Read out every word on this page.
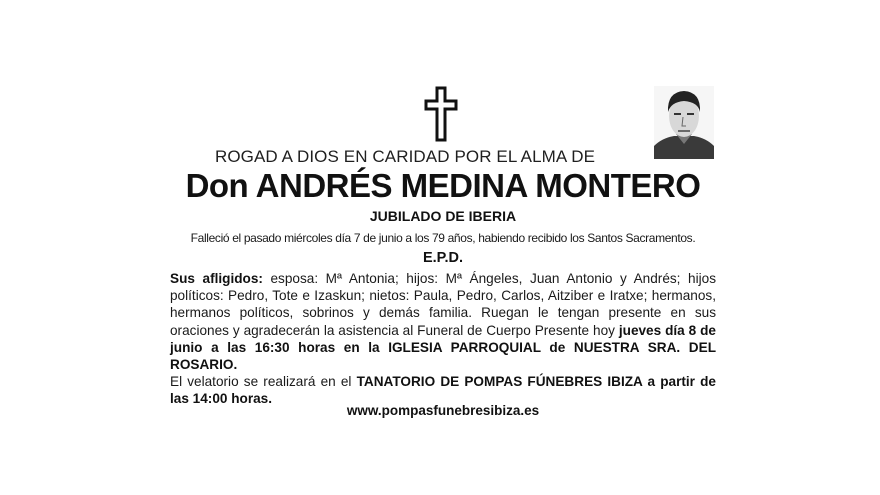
ROGAD A DIOS EN CARIDAD POR EL ALMA DE
Don ANDRÉS MEDINA MONTERO
JUBILADO DE IBERIA
Falleció el pasado miércoles día 7 de junio a los 79 años, habiendo recibido los Santos Sacramentos.
E.P.D.
Sus afligidos: esposa: Mª Antonia; hijos: Mª Ángeles, Juan Antonio y Andrés; hijos políticos: Pedro, Tote e Izaskun; nietos: Paula, Pedro, Carlos, Aitziber e Iratxe; hermanos, hermanos políticos, sobrinos y demás familia. Ruegan le tengan presente en sus oraciones y agradecerán la asistencia al Funeral de Cuerpo Presente hoy jueves día 8 de junio a las 16:30 horas en la IGLESIA PARROQUIAL de NUESTRA SRA. DEL ROSARIO.
El velatorio se realizará en el TANATORIO DE POMPAS FÚNEBRES IBIZA a partir de las 14:00 horas.
www.pompasfunebresibiza.es
